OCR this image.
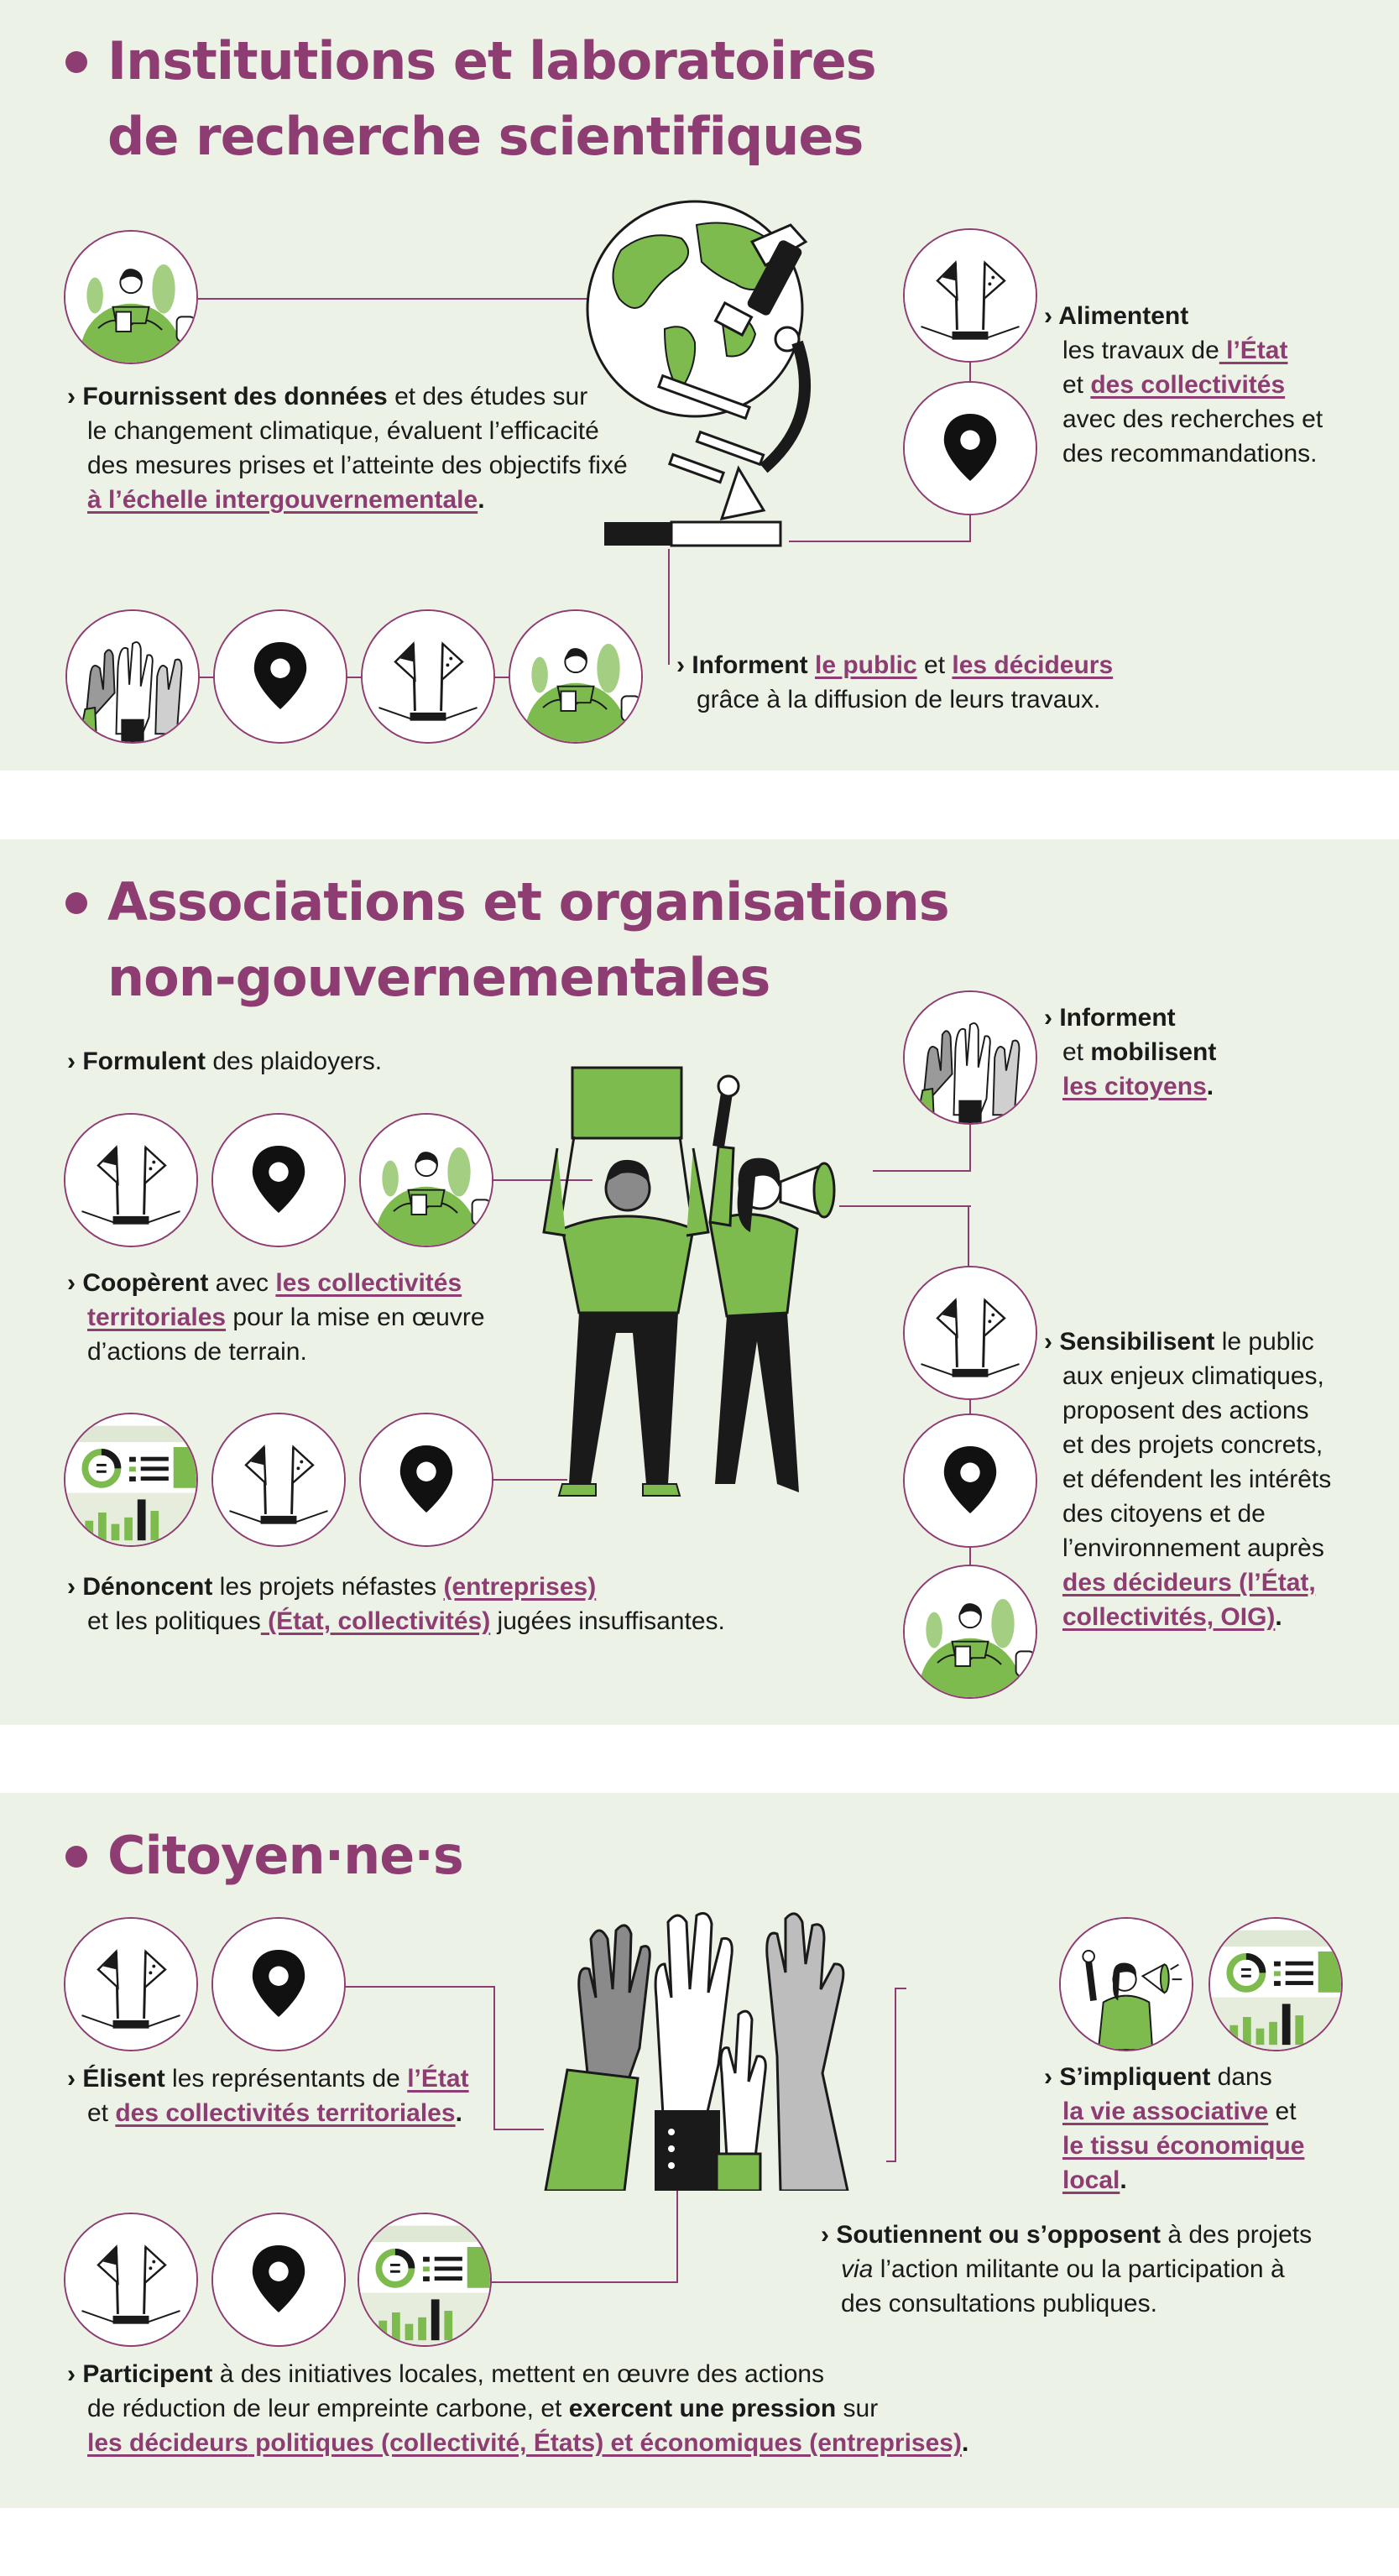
Institutions et laboratoires
de recherche scientifiques
› Fournissent des données et des études sur
le changement climatique, évaluent l’efficacité
des mesures prises et l’atteinte des objectifs fixé
à l’échelle intergouvernementale.
› Alimentent
les travaux de l’État
et des collectivités
avec des recherches et
des recommandations.
› Informent le public et les décideurs
grâce à la diffusion de leurs travaux.
Associations et organisations
non-gouvernementales
› Formulent des plaidoyers.
› Coopèrent avec les collectivités
territoriales pour la mise en œuvre
d’actions de terrain.
› Dénoncent les projets néfastes (entreprises)
et les politiques (État, collectivités) jugées insuffisantes.
› Informent
et mobilisent
les citoyens.
› Sensibilisent le public
aux enjeux climatiques,
proposent des actions
et des projets concrets,
et défendent les intérêts
des citoyens et de
l’environnement auprès
des décideurs (l’État,
collectivités, OIG).
Citoyen·ne·s
› Élisent les représentants de l’État
et des collectivités territoriales.
› S’impliquent dans
la vie associative et
le tissu économique
local.
› Soutiennent ou s’opposent à des projets
via l’action militante ou la participation à
des consultations publiques.
› Participent à des initiatives locales, mettent en œuvre des actions
de réduction de leur empreinte carbone, et exercent une pression sur
les décideurs politiques (collectivité, États) et économiques (entreprises).
